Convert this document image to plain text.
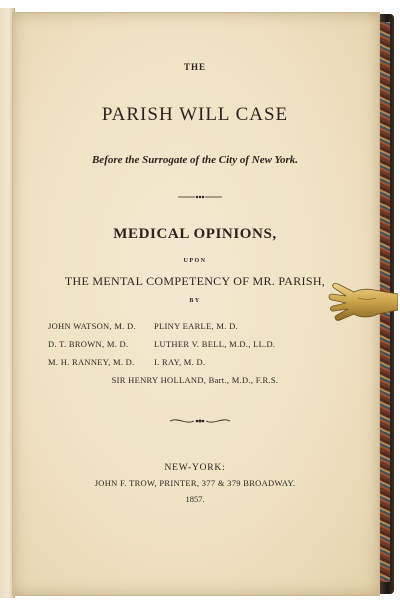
THE
PARISH WILL CASE
Before the Surrogate of the City of New York.
MEDICAL OPINIONS,
UPON
THE MENTAL COMPETENCY OF MR. PARISH,
BY
JOHN WATSON, M. D. PLINY EARLE, M. D.
D. T. BROWN, M. D.	LUTHER V. BELL, M.D., LL.D.
M. H. RANNEY, M. D. I. RAY, M. D.
SIR HENRY HOLLAND, Bart., M.D., F.R.S.
NEW-YORK:
JOHN F. TROW, PRINTER, 377 & 379 BROADWAY.
1857.
